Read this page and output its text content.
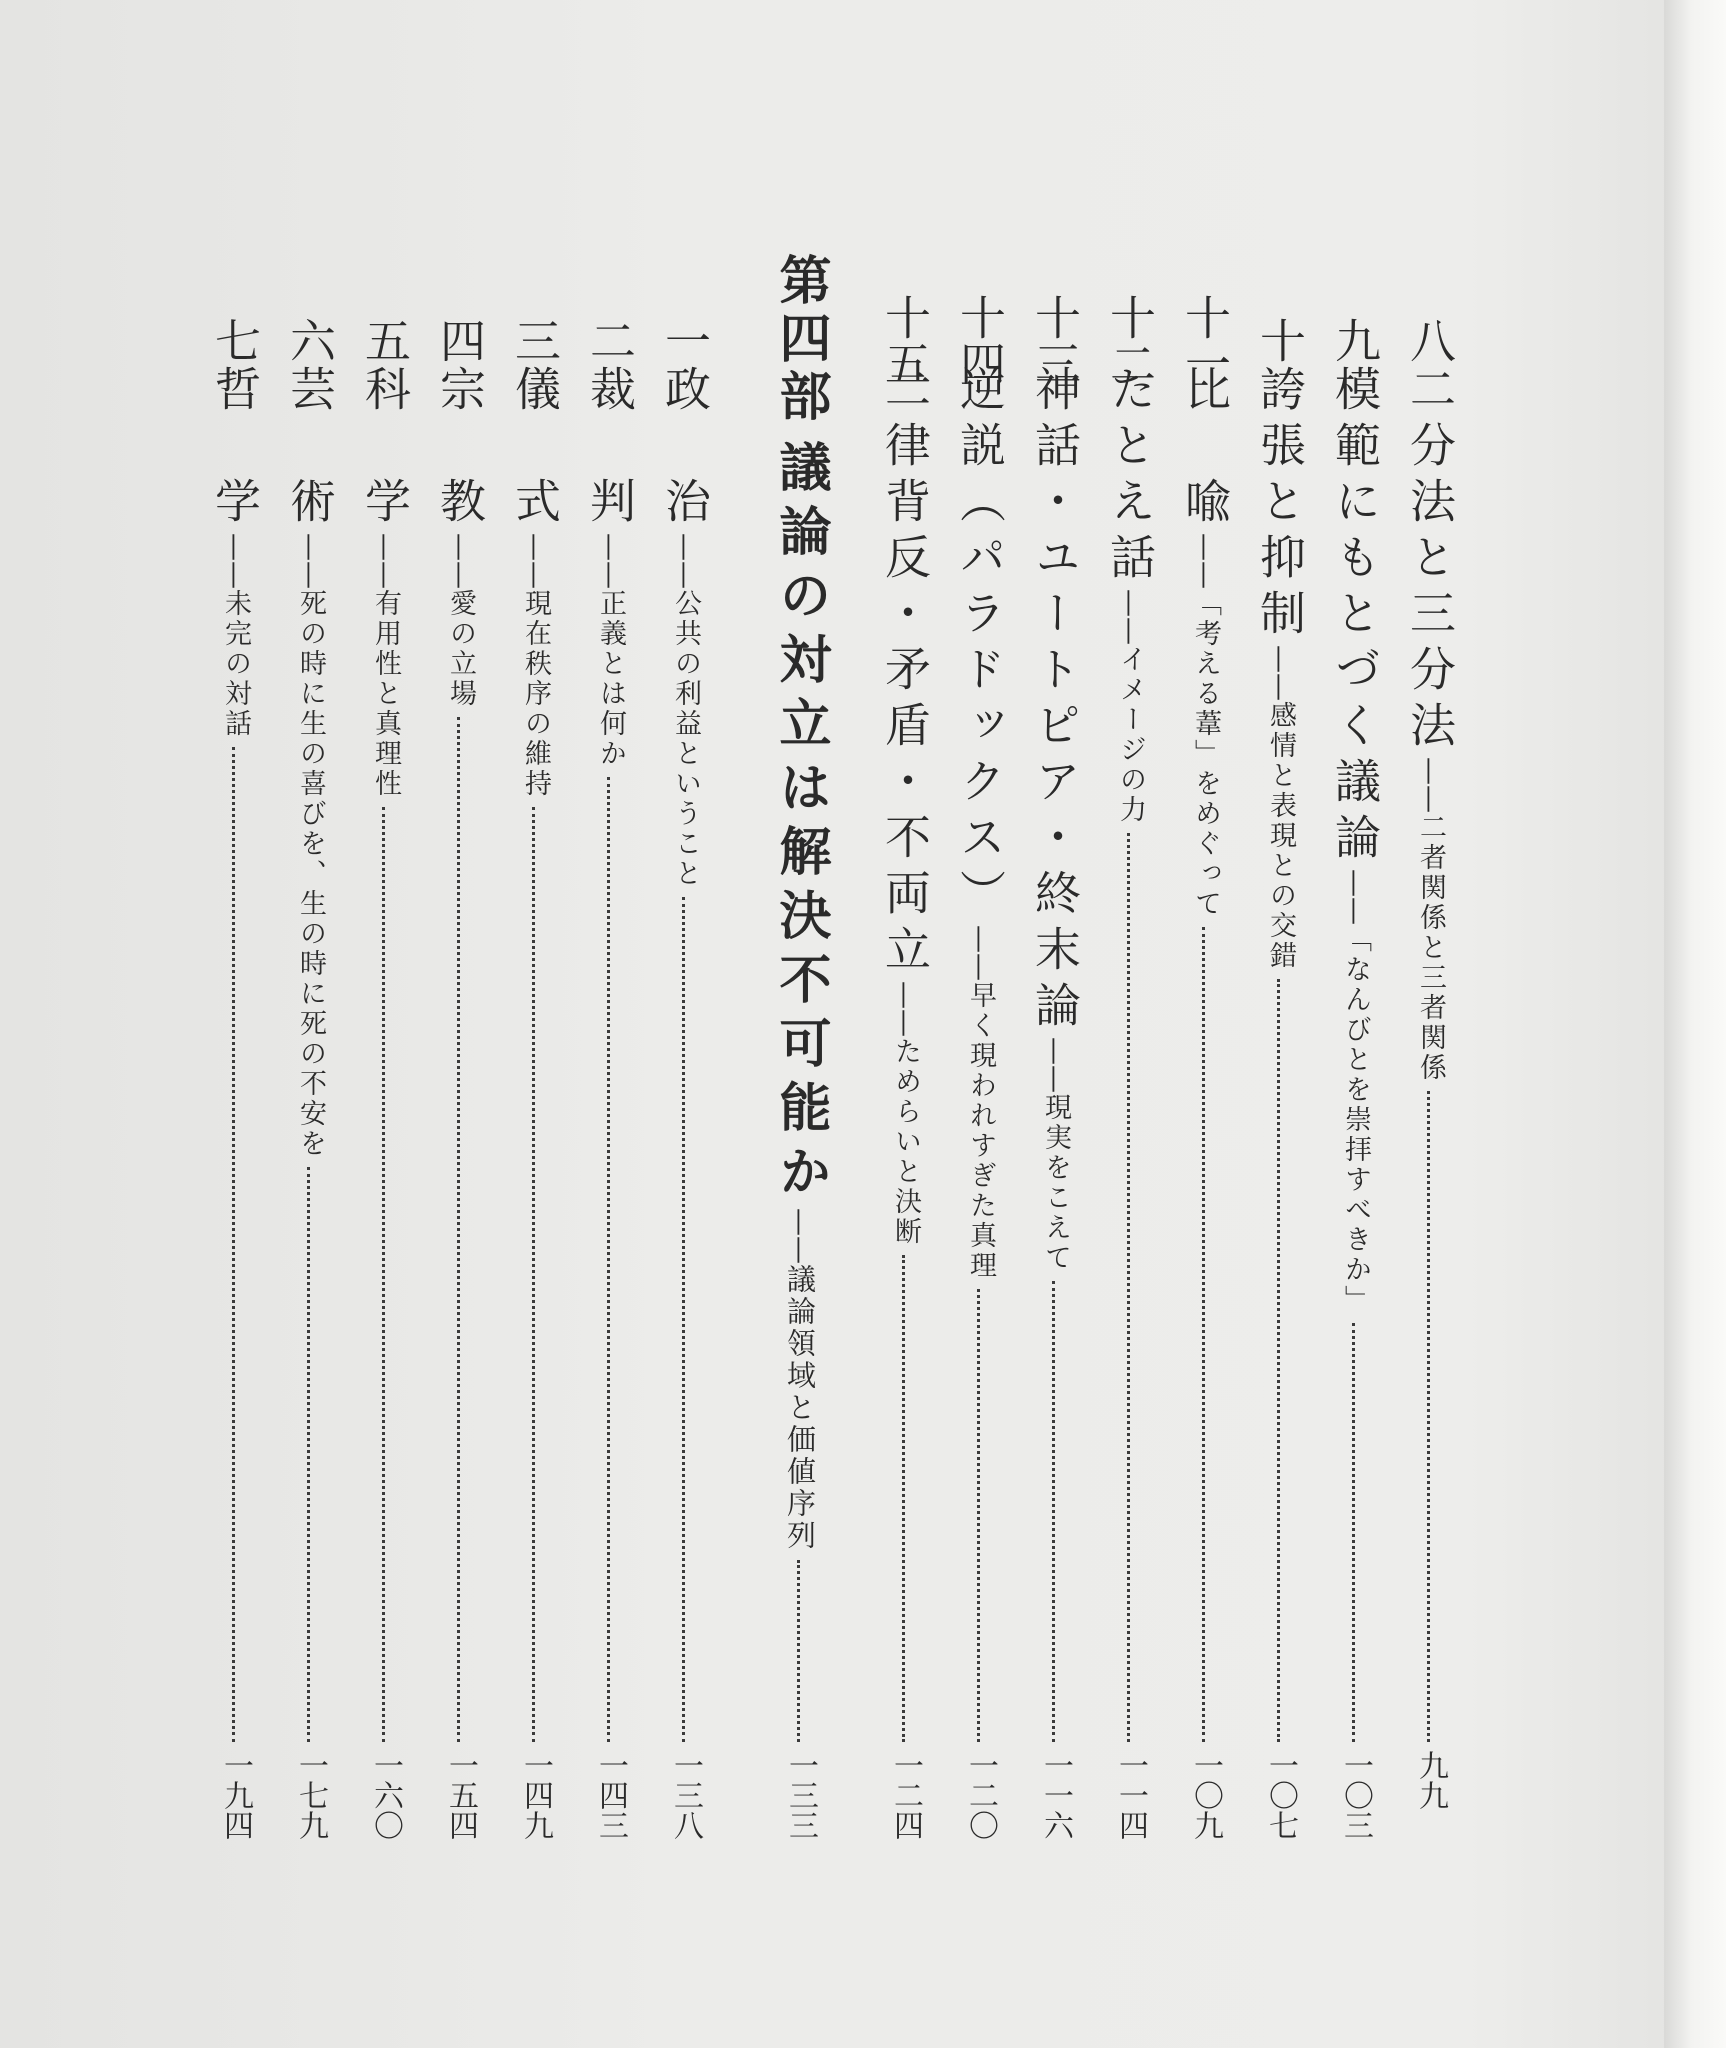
八
二分法と三分法——二者関係と三者関係
九九
九
模範にもとづく議論——「なんびとを崇拝すべきか」
一〇三
十
誇張と抑制——感情と表現との交錯
一〇七
十一
比　喩——「考える葦」をめぐって
一〇九
十二
たとえ話——イメージの力
一一四
十三
神話・ユートピア・終末論——現実をこえて
一一六
十四
逆説（パラドックス）——早く現われすぎた真理
一二〇
十五
二律背反・矛盾・不両立——ためらいと決断
一二四
第四部
議論の対立は解決不可能か——議論領域と価値序列
一三三
一
政　治——公共の利益ということ
一三八
二
裁　判——正義とは何か
一四三
三
儀　式——現在秩序の維持
一四九
四
宗　教——愛の立場
一五四
五
科　学——有用性と真理性
一六〇
六
芸　術——死の時に生の喜びを、生の時に死の不安を
一七九
七
哲　学——未完の対話
一九四
